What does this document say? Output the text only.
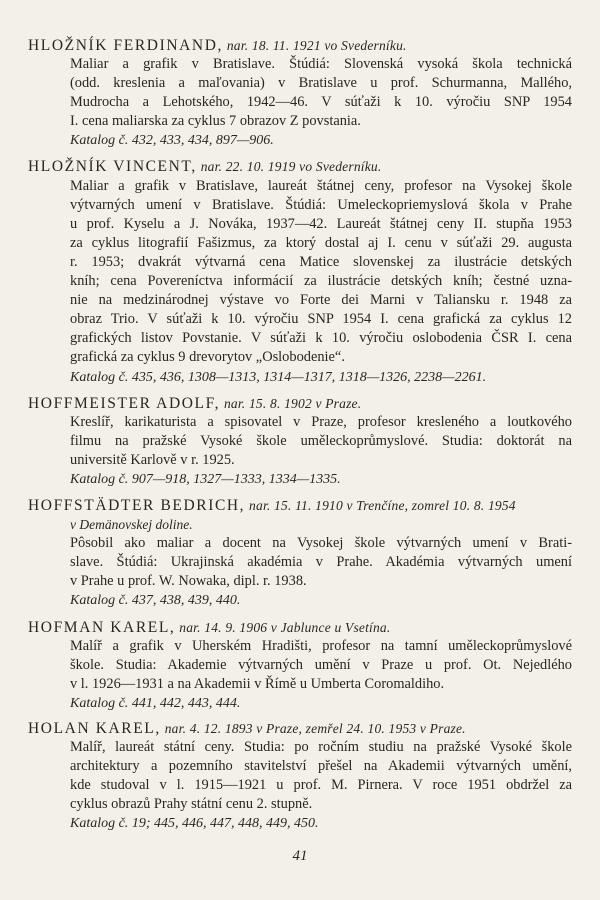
HLOŽNÍK FERDINAND, nar. 18. 11. 1921 vo Svederníku.
Maliar a grafik v Bratislave. Štúdiá: Slovenská vysoká škola technická
(odd. kreslenia a maľovania) v Bratislave u prof. Schurmanna, Mallého,
Mudrocha a Lehotského, 1942—46. V súťaži k 10. výročiu SNP 1954
I. cena maliarska za cyklus 7 obrazov Z povstania.
Katalog č. 432, 433, 434, 897—906.
HLOŽNÍK VINCENT, nar. 22. 10. 1919 vo Svederníku.
Maliar a grafik v Bratislave, laureát štátnej ceny, profesor na Vysokej škole
výtvarných umení v Bratislave. Štúdiá: Umeleckopriemyslová škola v Prahe
u prof. Kyselu a J. Nováka, 1937—42. Laureát štátnej ceny II. stupňa 1953
za cyklus litografií Fašizmus, za ktorý dostal aj I. cenu v súťaži 29. augusta
r. 1953; dvakrát výtvarná cena Matice slovenskej za ilustrácie detských
kníh; cena Povereníctva informácií za ilustrácie detských kníh; čestné uzna-
nie na medzinárodnej výstave vo Forte dei Marni v Taliansku r. 1948 za
obraz Trio. V súťaži k 10. výročiu SNP 1954 I. cena grafická za cyklus 12
grafických listov Povstanie. V súťaži k 10. výročiu oslobodenia ČSR I. cena
grafická za cyklus 9 drevorytov „Oslobodenie“.
Katalog č. 435, 436, 1308—1313, 1314—1317, 1318—1326, 2238—2261.
HOFFMEISTER ADOLF, nar. 15. 8. 1902 v Praze.
Kreslíř, karikaturista a spisovatel v Praze, profesor kresleného a loutkového
filmu na pražské Vysoké škole uměleckoprůmyslové. Studia: doktorát na
universitě Karlově v r. 1925.
Katalog č. 907—918, 1327—1333, 1334—1335.
HOFFSTÄDTER BEDRICH, nar. 15. 11. 1910 v Trenčíne, zomrel 10. 8. 1954
v Demänovskej doline.
Pôsobil ako maliar a docent na Vysokej škole výtvarných umení v Brati-
slave. Štúdiá: Ukrajinská akadémia v Prahe. Akadémia výtvarných umení
v Prahe u prof. W. Nowaka, dipl. r. 1938.
Katalog č. 437, 438, 439, 440.
HOFMAN KAREL, nar. 14. 9. 1906 v Jablunce u Vsetína.
Malíř a grafik v Uherském Hradišti, profesor na tamní uměleckoprůmyslové
škole. Studia: Akademie výtvarných umění v Praze u prof. Ot. Nejedlého
v l. 1926—1931 a na Akademii v Římě u Umberta Coromaldiho.
Katalog č. 441, 442, 443, 444.
HOLAN KAREL, nar. 4. 12. 1893 v Praze, zemřel 24. 10. 1953 v Praze.
Malíř, laureát státní ceny. Studia: po ročním studiu na pražské Vysoké škole
architektury a pozemního stavitelství přešel na Akademii výtvarných umění,
kde studoval v l. 1915—1921 u prof. M. Pirnera. V roce 1951 obdržel za
cyklus obrazů Prahy státní cenu 2. stupně.
Katalog č. 19; 445, 446, 447, 448, 449, 450.
41
